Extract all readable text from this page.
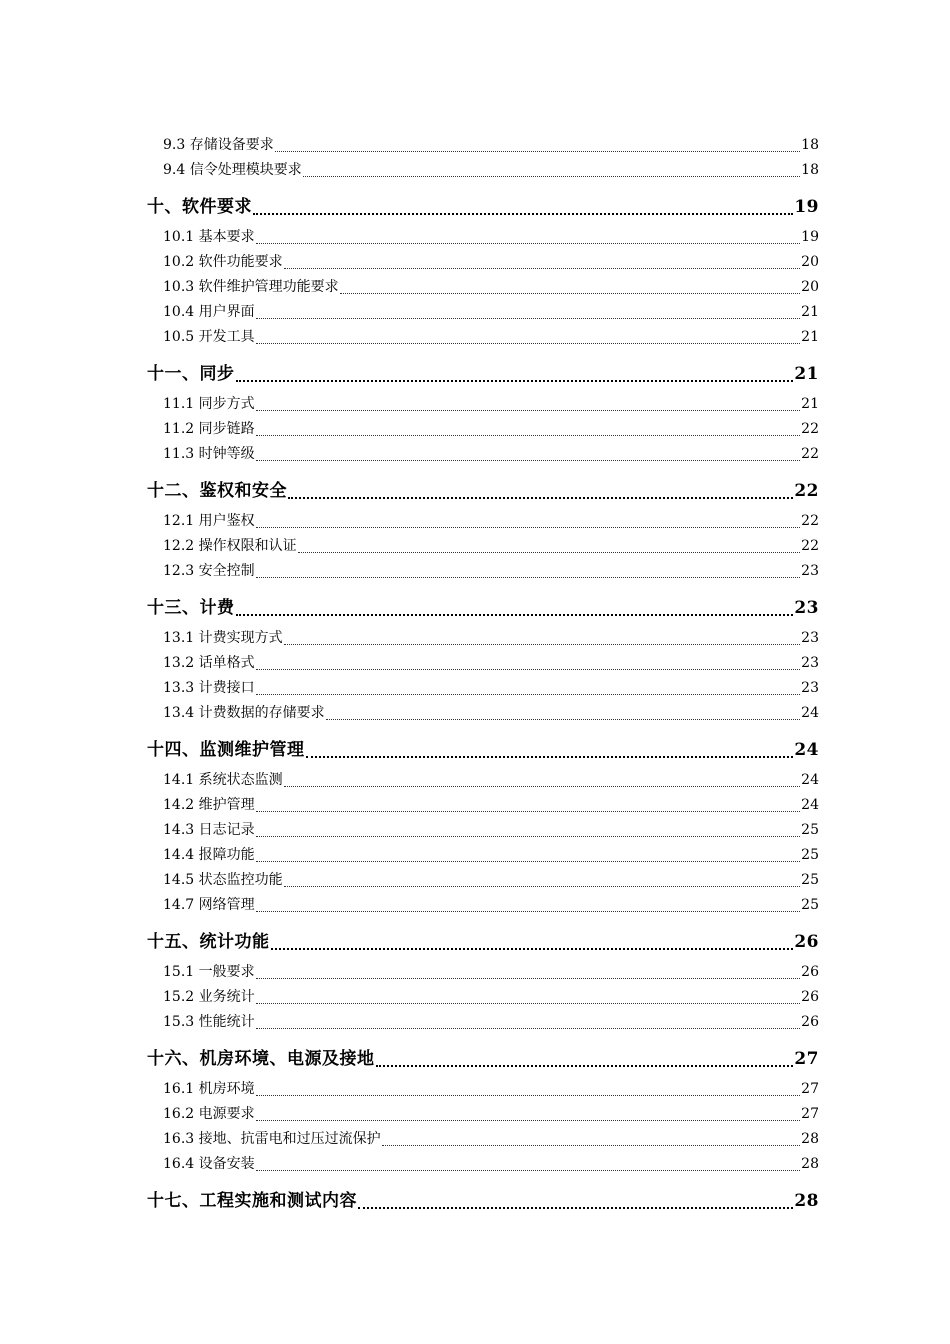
9.3 存储设备要求	18
9.4 信令处理模块要求	18
十、软件要求	19
10.1 基本要求	19
10.2 软件功能要求	20
10.3 软件维护管理功能要求	20
10.4 用户界面	21
10.5 开发工具	21
十一、同步	21
11.1 同步方式	21
11.2 同步链路	22
11.3 时钟等级	22
十二、鉴权和安全	22
12.1 用户鉴权	22
12.2 操作权限和认证	22
12.3 安全控制	23
十三、计费	23
13.1 计费实现方式	23
13.2 话单格式	23
13.3 计费接口	23
13.4 计费数据的存储要求	24
十四、监测维护管理	24
14.1 系统状态监测	24
14.2 维护管理	24
14.3 日志记录	25
14.4 报障功能	25
14.5 状态监控功能	25
14.7 网络管理	25
十五、统计功能	26
15.1 一般要求	26
15.2 业务统计	26
15.3 性能统计	26
十六、机房环境、电源及接地	27
16.1 机房环境	27
16.2 电源要求	27
16.3 接地、抗雷电和过压过流保护	28
16.4 设备安装	28
十七、工程实施和测试内容	28
